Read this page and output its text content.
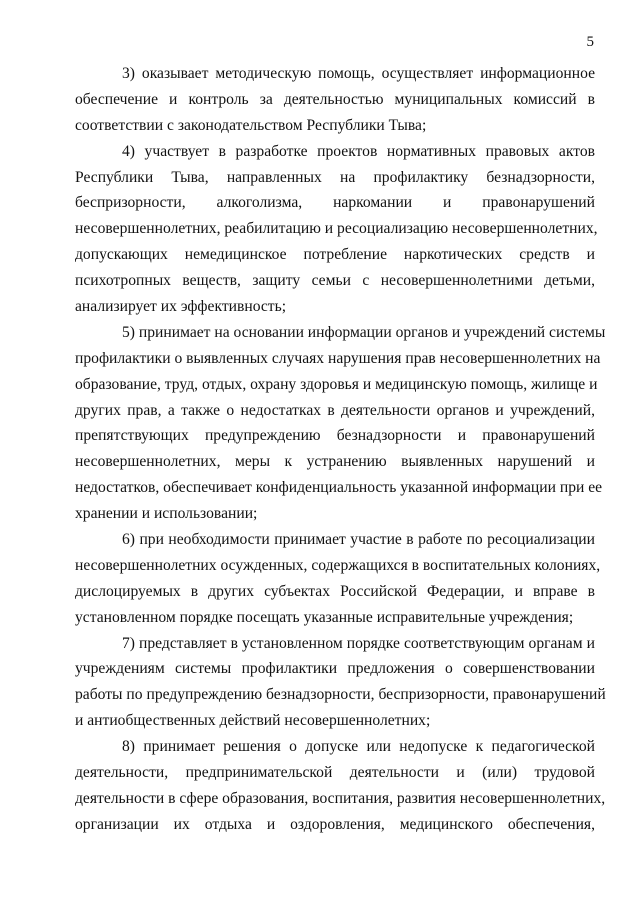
5
3) оказывает методическую помощь, осуществляет информационное
обеспечение и контроль за деятельностью муниципальных комиссий в
соответствии с законодательством Республики Тыва;
4) участвует в разработке проектов нормативных правовых актов
Республики Тыва, направленных на профилактику безнадзорности,
беспризорности, алкоголизма, наркомании и правонарушений
несовершеннолетних, реабилитацию и ресоциализацию несовершеннолетних,
допускающих немедицинское потребление наркотических средств и
психотропных веществ, защиту семьи с несовершеннолетними детьми,
анализирует их эффективность;
5) принимает на основании информации органов и учреждений системы
профилактики о выявленных случаях нарушения прав несовершеннолетних на
образование, труд, отдых, охрану здоровья и медицинскую помощь, жилище и
других прав, а также о недостатках в деятельности органов и учреждений,
препятствующих предупреждению безнадзорности и правонарушений
несовершеннолетних, меры к устранению выявленных нарушений и
недостатков, обеспечивает конфиденциальность указанной информации при ее
хранении и использовании;
6) при необходимости принимает участие в работе по ресоциализации
несовершеннолетних осужденных, содержащихся в воспитательных колониях,
дислоцируемых в других субъектах Российской Федерации, и вправе в
установленном порядке посещать указанные исправительные учреждения;
7) представляет в установленном порядке соответствующим органам и
учреждениям системы профилактики предложения о совершенствовании
работы по предупреждению безнадзорности, беспризорности, правонарушений
и антиобщественных действий несовершеннолетних;
8) принимает решения о допуске или недопуске к педагогической
деятельности, предпринимательской деятельности и (или) трудовой
деятельности в сфере образования, воспитания, развития несовершеннолетних,
организации их отдыха и оздоровления, медицинского обеспечения,
